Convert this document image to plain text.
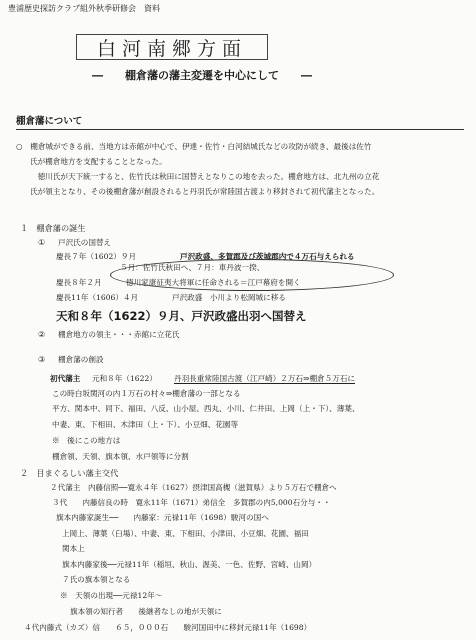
豊浦歴史探訪クラブ組外秋季研修会　資料
白河南郷方面
―　　棚倉藩の藩主変遷を中心にして　　―
棚倉藩について
○　棚倉城ができる前、当地方は赤館が中心で、伊達・佐竹・白河結城氏などの攻防が続き、最後は佐竹
氏が棚倉地方を支配することとなった。
　徳川氏が天下統一すると、佐竹氏は秋田に国替えとなりこの地を去った。棚倉地方は、北九州の立花
氏が領主となり、その後棚倉藩が創設されると丹羽氏が常陸国古渡より移封されて初代藩主となった。
１　棚倉藩の誕生
① 戸沢氏の国替え
慶長７年（1602）９月	戸沢政盛、多賀郡及び茨城郡内で４万石与えられる
５月：佐竹氏秋田へ、７月：車丹波一揆、
慶長８年２月	徳川家康征夷大将軍に任命される＝江戸幕府を開く
慶長11年（1606）４月	戸沢政盛　小川より松岡城に移る
天和８年（1622）９月、戸沢政盛出羽へ国替え
② 棚倉地方の領主・・・赤館に立花氏
③ 棚倉藩の創設
初代藩主 元和８年（1622） 丹羽長重常陸国古渡（江戸崎）２万石⇒棚倉５万石に
この時白坂関河の内１万石の村々⇒棚倉藩の一部となる
平方、関本中、同下、福田、八反、山小屋、西丸、小川、仁井田、上岡（上・下）、薄葉、
中妻、東、下相田、木津田（上・下）、小豆畑、花園等
※　後にこの地方は
棚倉領、天領、旗本領、水戸領等に分割
２　目まぐるしい藩主交代
２代藩主　内藤信照──寛永４年（1627）摂津国高槻（滋賀県）より５万石で棚倉へ
３代　　内藤信良の時　寛永11年（1671）弟信全　多賀郡の内5,000石分与・・
旗本内藤家誕生──　　内藤家：元禄11年（1698）駿河の国へ
上岡上、薄葉（臼場）、中妻、東、下相田、小津田、小豆畑、花園、福田
関本上
旗本内藤家後──元禄11年（稲垣、秋山、渥美、一色、佐野、宮崎、山岡）
７氏の旗本領となる
※　天領の出現──元禄12年～
旗本領の知行者　　後継者なしの地が天領に
４代内藤式（カズ）信　　６５，０００石　　駿河国田中に移封元禄11年（1698）
